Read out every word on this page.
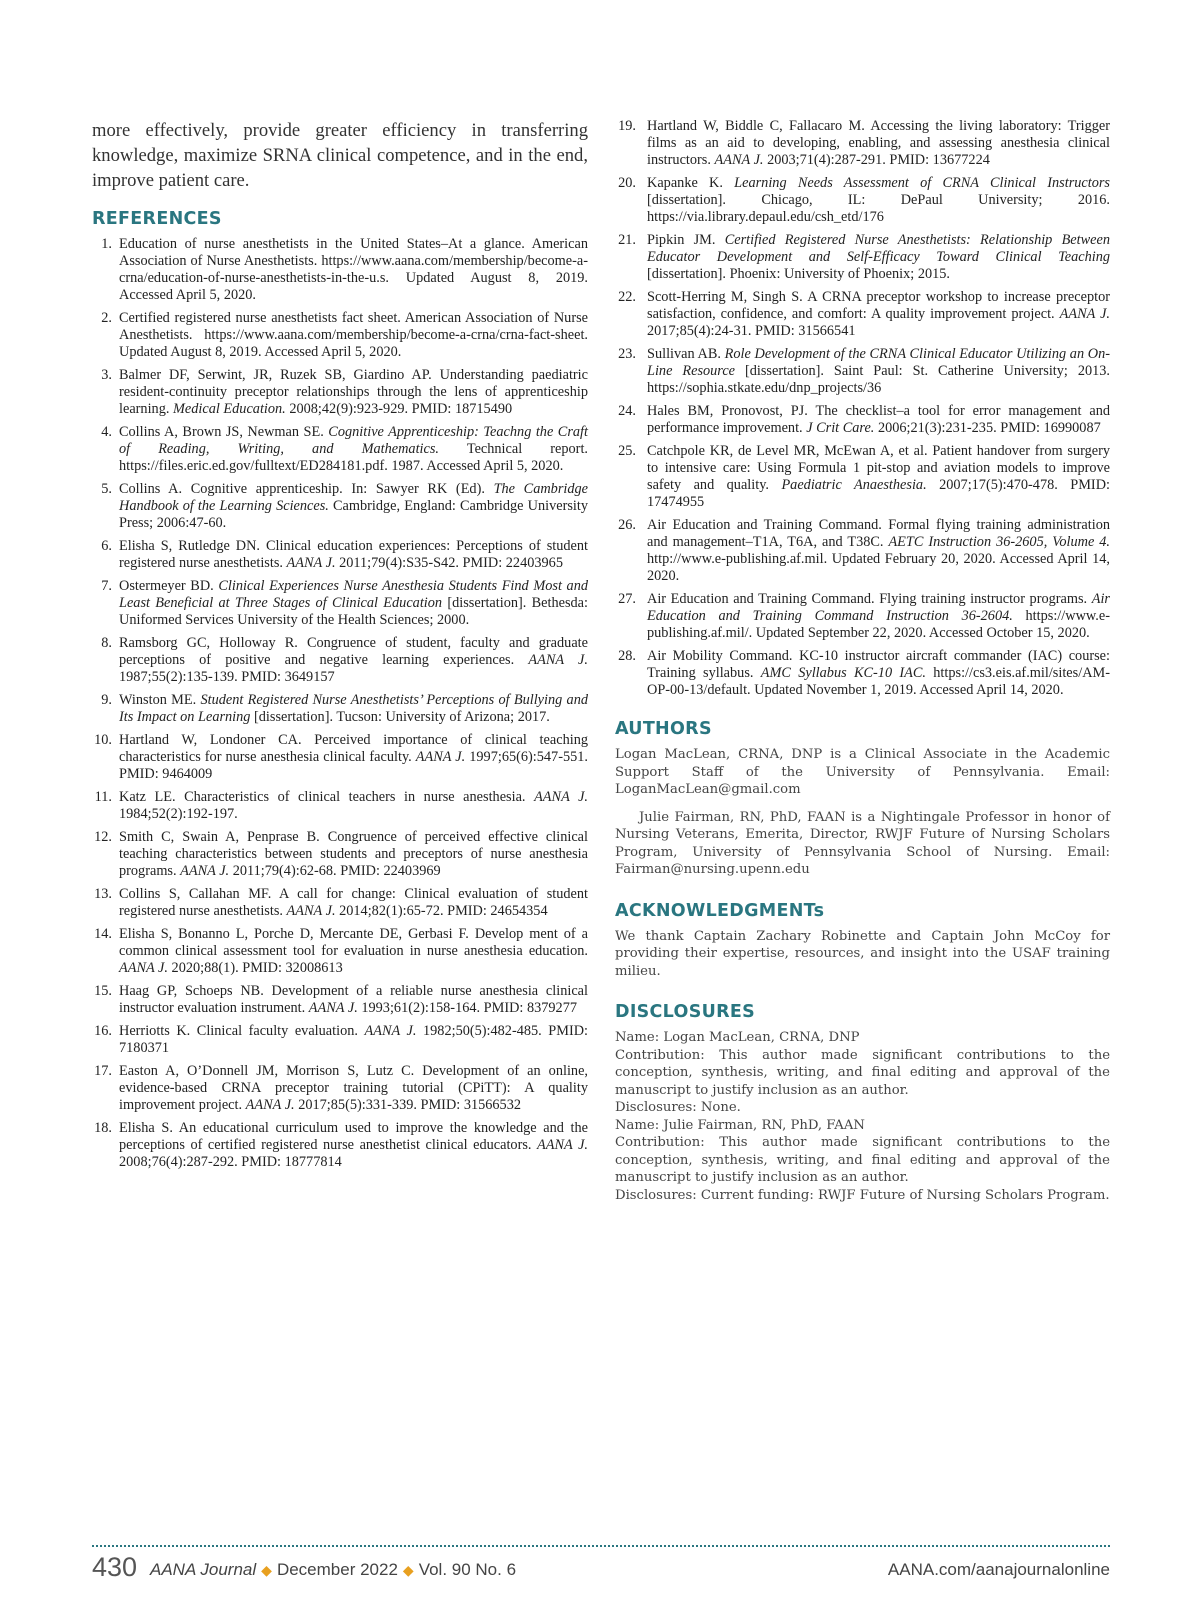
more effectively, provide greater efficiency in transferring knowledge, maximize SRNA clinical competence, and in the end, improve patient care.

REFERENCES
1. Education of nurse anesthetists in the United States–At a glance. American Association of Nurse Anesthetists. https://www.aana.com/membership/become-a-crna/education-of-nurse-anesthetists-in-the-u.s. Updated August 8, 2019. Accessed April 5, 2020.
2. Certified registered nurse anesthetists fact sheet. American Association of Nurse Anesthetists. https://www.aana.com/membership/become-a-crna/crna-fact-sheet. Updated August 8, 2019. Accessed April 5, 2020.
3. Balmer DF, Serwint, JR, Ruzek SB, Giardino AP. Understanding paediatric resident-continuity preceptor relationships through the lens of apprenticeship learning. Medical Education. 2008;42(9):923-929. PMID: 18715490
4. Collins A, Brown JS, Newman SE. Cognitive Apprenticeship: Teachng the Craft of Reading, Writing, and Mathematics. Technical report. https://files.eric.ed.gov/fulltext/ED284181.pdf. 1987. Accessed April 5, 2020.
5. Collins A. Cognitive apprenticeship. In: Sawyer RK (Ed). The Cambridge Handbook of the Learning Sciences. Cambridge, England: Cambridge University Press; 2006:47-60.
6. Elisha S, Rutledge DN. Clinical education experiences: Perceptions of student registered nurse anesthetists. AANA J. 2011;79(4):S35-S42. PMID: 22403965
7. Ostermeyer BD. Clinical Experiences Nurse Anesthesia Students Find Most and Least Beneficial at Three Stages of Clinical Education [dissertation]. Bethesda: Uniformed Services University of the Health Sciences; 2000.
8. Ramsborg GC, Holloway R. Congruence of student, faculty and graduate perceptions of positive and negative learning experiences. AANA J. 1987;55(2):135-139. PMID: 3649157
9. Winston ME. Student Registered Nurse Anesthetists’ Perceptions of Bullying and Its Impact on Learning [dissertation]. Tucson: University of Arizona; 2017.
10. Hartland W, Londoner CA. Perceived importance of clinical teaching characteristics for nurse anesthesia clinical faculty. AANA J. 1997;65(6):547-551. PMID: 9464009
11. Katz LE. Characteristics of clinical teachers in nurse anesthesia. AANA J. 1984;52(2):192-197.
12. Smith C, Swain A, Penprase B. Congruence of perceived effective clinical teaching characteristics between students and preceptors of nurse anesthesia programs. AANA J. 2011;79(4):62-68. PMID: 22403969
13. Collins S, Callahan MF. A call for change: Clinical evaluation of student registered nurse anesthetists. AANA J. 2014;82(1):65-72. PMID: 24654354
14. Elisha S, Bonanno L, Porche D, Mercante DE, Gerbasi F. Develop ment of a common clinical assessment tool for evaluation in nurse anesthesia education. AANA J. 2020;88(1). PMID: 32008613
15. Haag GP, Schoeps NB. Development of a reliable nurse anesthesia clinical instructor evaluation instrument. AANA J. 1993;61(2):158-164. PMID: 8379277
16. Herriotts K. Clinical faculty evaluation. AANA J. 1982;50(5):482-485. PMID: 7180371
17. Easton A, O’Donnell JM, Morrison S, Lutz C. Development of an online, evidence-based CRNA preceptor training tutorial (CPiTT): A quality improvement project. AANA J. 2017;85(5):331-339. PMID: 31566532
18. Elisha S. An educational curriculum used to improve the knowledge and the perceptions of certified registered nurse anesthetist clinical educators. AANA J. 2008;76(4):287-292. PMID: 18777814
19. Hartland W, Biddle C, Fallacaro M. Accessing the living laboratory: Trigger films as an aid to developing, enabling, and assessing anesthesia clinical instructors. AANA J. 2003;71(4):287-291. PMID: 13677224
20. Kapanke K. Learning Needs Assessment of CRNA Clinical Instructors [dissertation]. Chicago, IL: DePaul University; 2016. https://via.library.depaul.edu/csh_etd/176
21. Pipkin JM. Certified Registered Nurse Anesthetists: Relationship Between Educator Development and Self-Efficacy Toward Clinical Teaching [dissertation]. Phoenix: University of Phoenix; 2015.
22. Scott-Herring M, Singh S. A CRNA preceptor workshop to increase preceptor satisfaction, confidence, and comfort: A quality improvement project. AANA J. 2017;85(4):24-31. PMID: 31566541
23. Sullivan AB. Role Development of the CRNA Clinical Educator Utilizing an On-Line Resource [dissertation]. Saint Paul: St. Catherine University; 2013. https://sophia.stkate.edu/dnp_projects/36
24. Hales BM, Pronovost, PJ. The checklist–a tool for error management and performance improvement. J Crit Care. 2006;21(3):231-235. PMID: 16990087
25. Catchpole KR, de Level MR, McEwan A, et al. Patient handover from surgery to intensive care: Using Formula 1 pit-stop and aviation models to improve safety and quality. Paediatric Anaesthesia. 2007;17(5):470-478. PMID: 17474955
26. Air Education and Training Command. Formal flying training administration and management–T1A, T6A, and T38C. AETC Instruction 36-2605, Volume 4. http://www.e-publishing.af.mil. Updated February 20, 2020. Accessed April 14, 2020.
27. Air Education and Training Command. Flying training instructor programs. Air Education and Training Command Instruction 36-2604. https://www.e-publishing.af.mil/. Updated September 22, 2020. Accessed October 15, 2020.
28. Air Mobility Command. KC-10 instructor aircraft commander (IAC) course: Training syllabus. AMC Syllabus KC-10 IAC. https://cs3.eis.af.mil/sites/AM-OP-00-13/default. Updated November 1, 2019. Accessed April 14, 2020.
AUTHORS

Logan MacLean, CRNA, DNP is a Clinical Associate in the Academic Support Staff of the University of Pennsylvania. Email: LoganMacLean@gmail.com

Julie Fairman, RN, PhD, FAAN is a Nightingale Professor in honor of Nursing Veterans, Emerita, Director, RWJF Future of Nursing Scholars Program, University of Pennsylvania School of Nursing. Email: Fairman@nursing.upenn.edu

ACKNOWLEDGMENTs

We thank Captain Zachary Robinette and Captain John McCoy for providing their expertise, resources, and insight into the USAF training milieu.

DISCLOSURES

Name: Logan MacLean, CRNA, DNP

Contribution: This author made significant contributions to the conception, synthesis, writing, and final editing and approval of the manuscript to justify inclusion as an author.

Disclosures: None.

Name: Julie Fairman, RN, PhD, FAAN

Contribution: This author made significant contributions to the conception, synthesis, writing, and final editing and approval of the manuscript to justify inclusion as an author.

Disclosures: Current funding: RWJF Future of Nursing Scholars Program.

430 AANA Journal ◆ December 2022 ◆ Vol. 90 No. 6	AANA.com/aanajournalonline
